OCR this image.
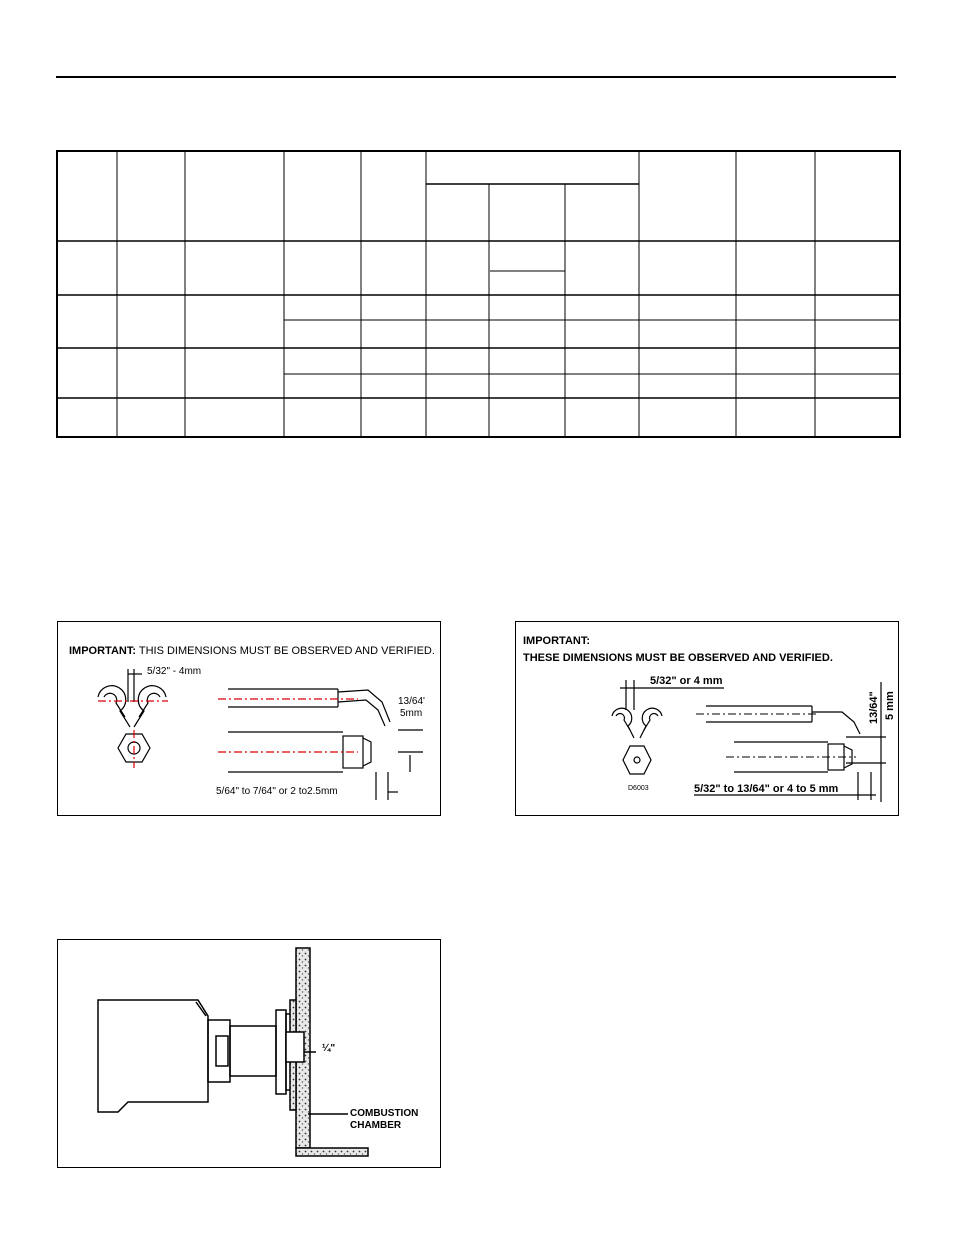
IMPORTANT: THIS DIMENSIONS MUST BE OBSERVED AND VERIFIED.
5/32" - 4mm
13/64'
5mm
5/64" to 7/64" or 2 to2.5mm
IMPORTANT:
THESE DIMENSIONS MUST BE OBSERVED AND VERIFIED.
5/32" or 4 mm
D6003
13/64" 5 mm
5/32" to 13/64" or 4 to 5 mm
¼"
COMBUSTION
CHAMBER
